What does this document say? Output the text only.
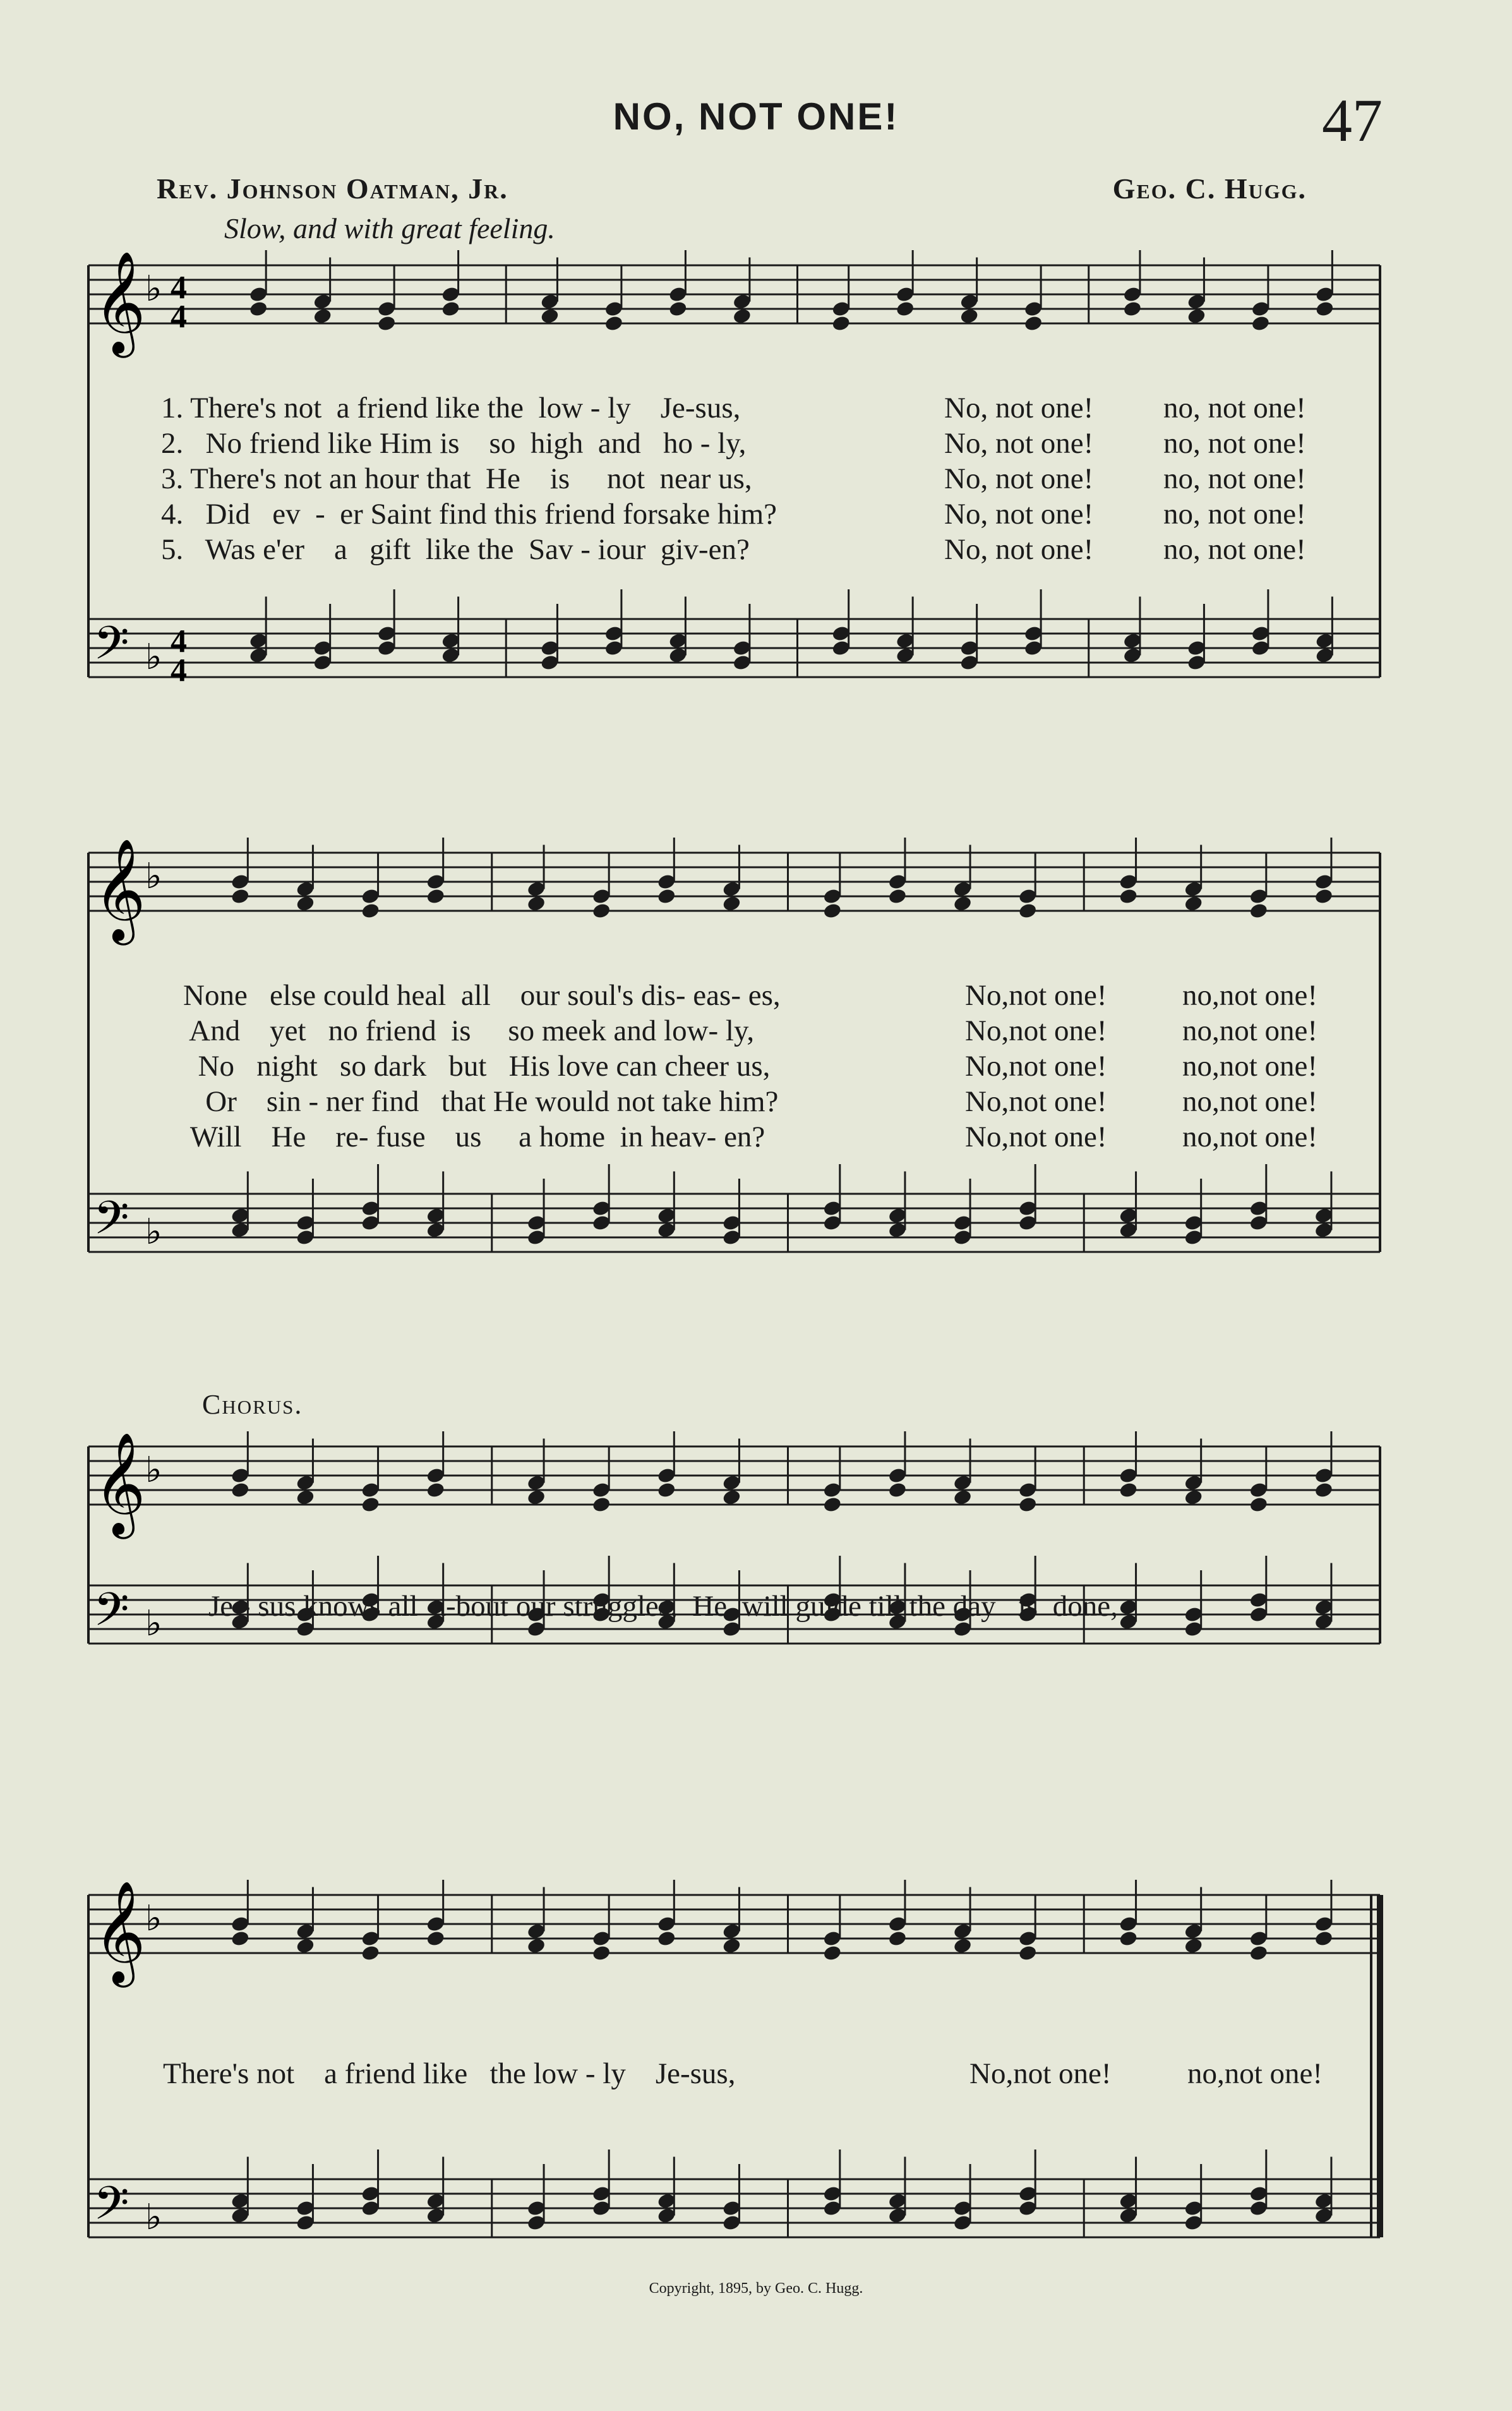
NO, NOT ONE!	47
Rev. Johnson Oatman, Jr.	Geo. C. Hugg.
Slow, and with great feeling.
𝄞
𝄢
♭
♭
4
4
4
4
1. There's not  a friend like the  low - ly    Je-sus,
2.   No friend like Him is    so  high  and   ho - ly,
3. There's not an hour that  He    is     not  near us,
4.   Did   ev  -  er Saint find this friend forsake him?
5.   Was e'er    a   gift  like the  Sav - iour  giv-en?
No, not one!
No, not one!
No, not one!
No, not one!
No, not one!
no, not one!
no, not one!
no, not one!
no, not one!
no, not one!
𝄞
𝄢
♭
♭
None   else could heal  all    our soul's dis- eas- es,
And    yet   no friend  is     so meek and low- ly,
No   night   so dark   but   His love can cheer us,
Or    sin - ner find   that He would not take him?
Will    He    re- fuse    us     a home  in heav- en?
No,not one!
No,not one!
No,not one!
No,not one!
No,not one!
no,not one!
no,not one!
no,not one!
no,not one!
no,not one!
Chorus.
𝄞
𝄢
♭
♭ Je - sus knows all  a-bout our struggles,  He  will guide till the day   is  done,
𝄞
𝄢
♭
♭
There's not    a friend like   the low - ly    Je-sus,	No,not one!	no,not one!
Copyright, 1895, by Geo. C. Hugg.
